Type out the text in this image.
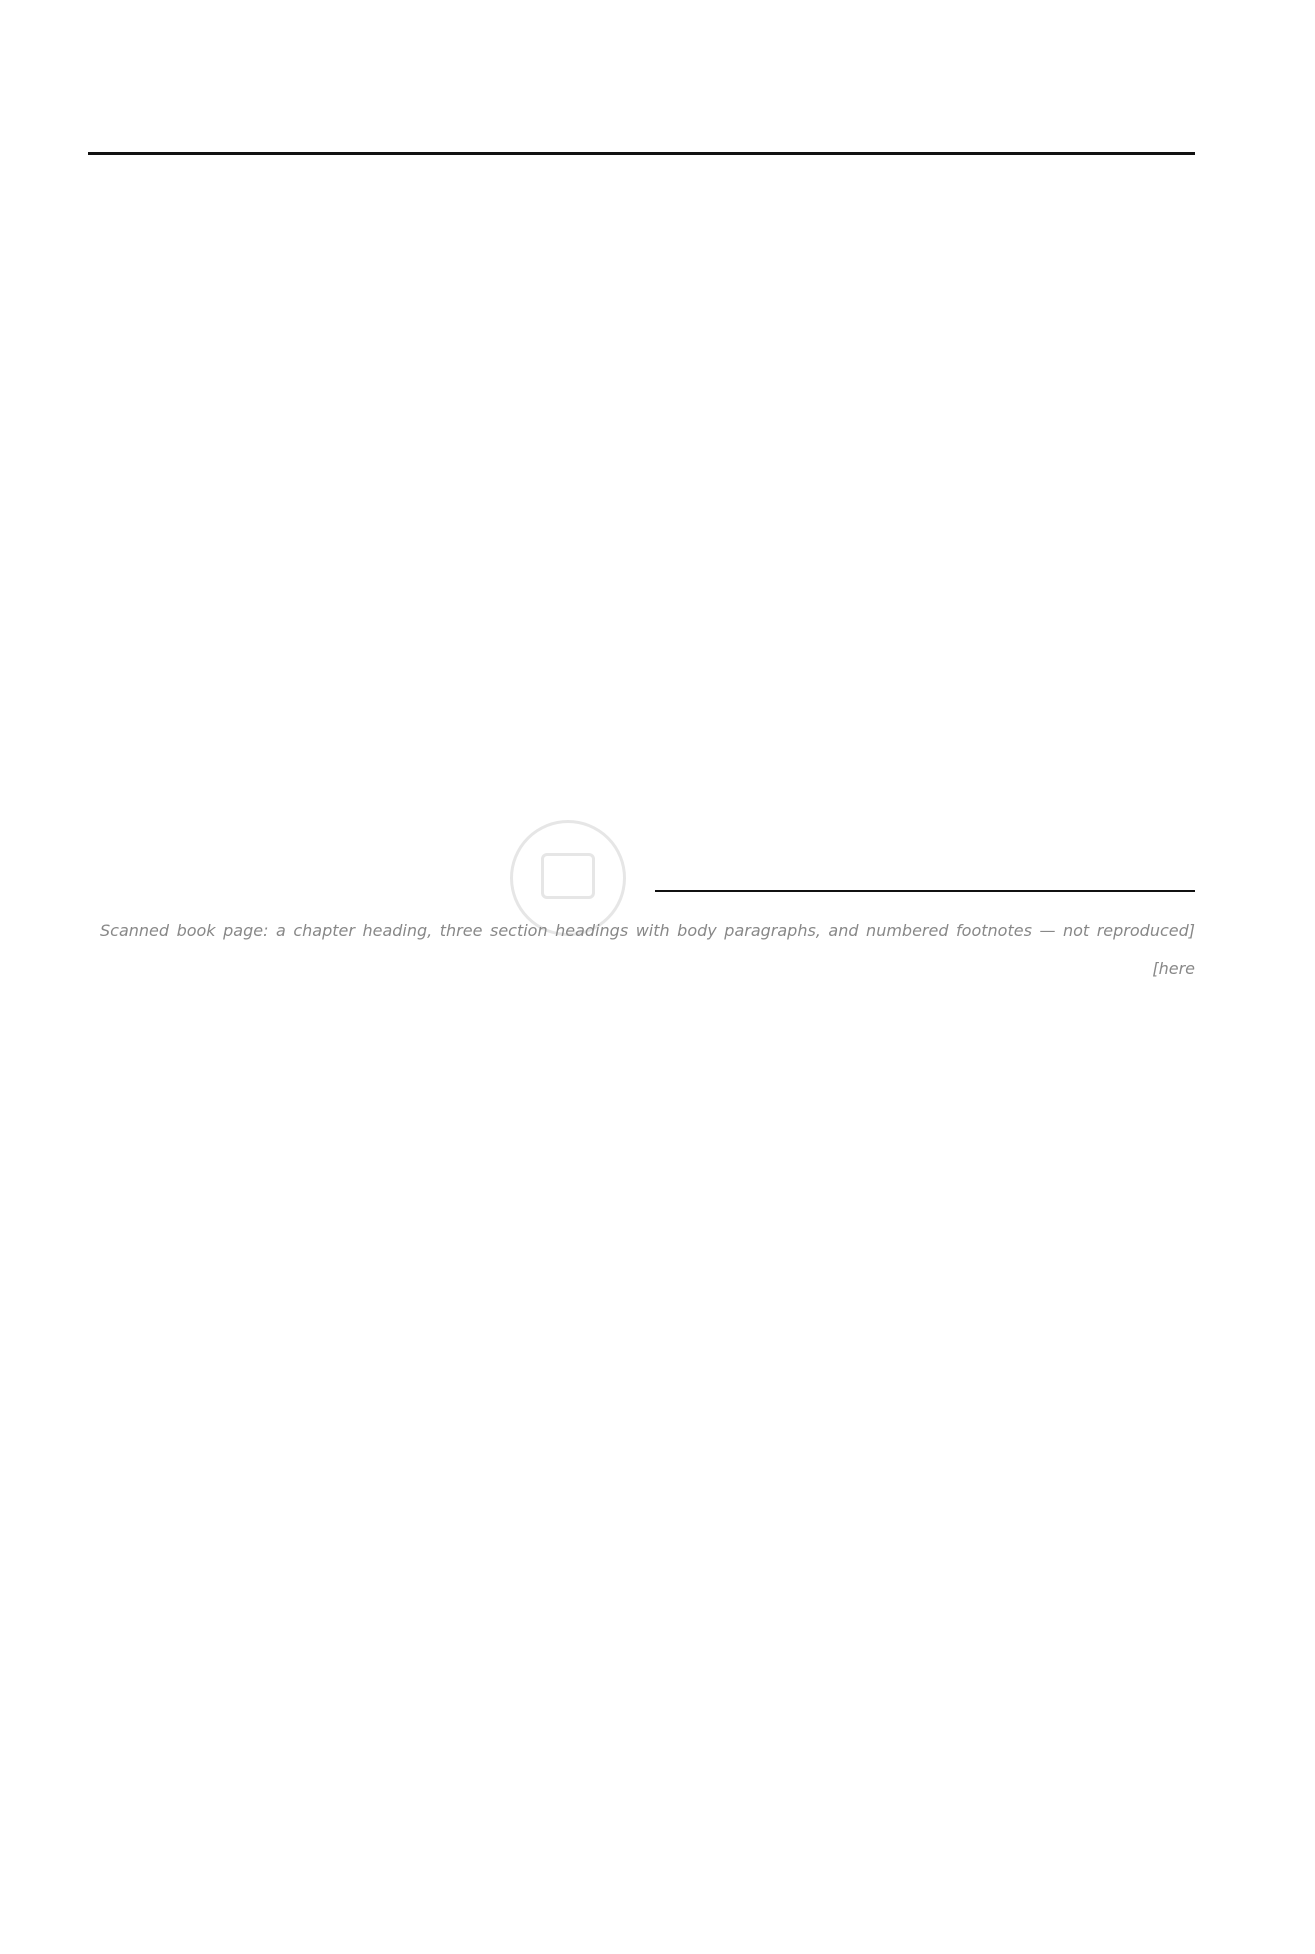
[Scanned book page: a chapter heading, three section headings with body paragraphs, and numbered footnotes — not reproduced here]
